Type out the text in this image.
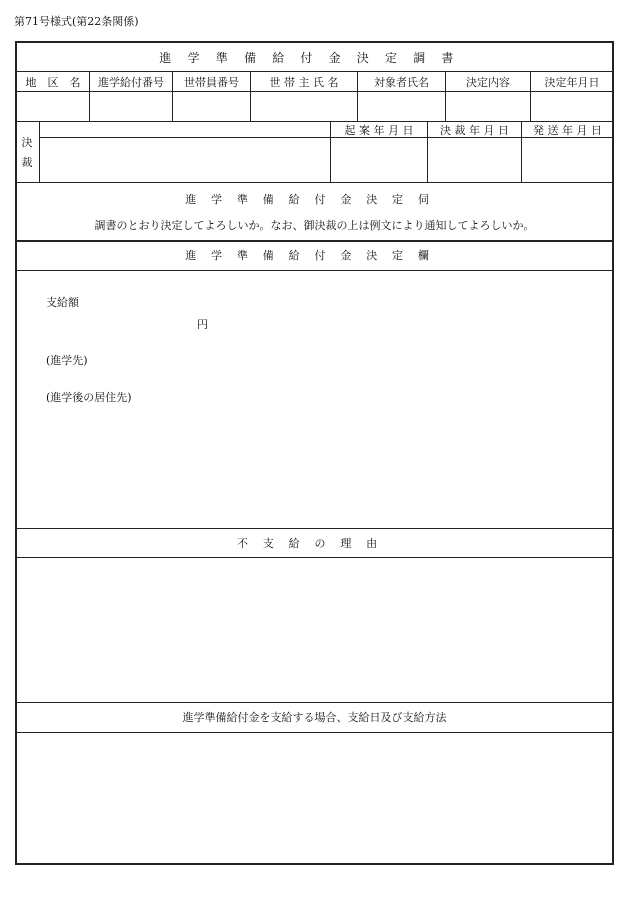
第71号様式(第22条関係)
進学準備給付金決定調書
地　区　名	進学給付番号	世帯員番号	世 帯 主 氏 名	対象者氏名	決定内容	決定年月日
決
裁
起 案 年 月 日	決 裁 年 月 日	発 送 年 月 日
進学準備給付金決定伺
調書のとおり決定してよろしいか。なお、御決裁の上は例文により通知してよろしいか。
進学準備給付金決定欄
支給額
円
(進学先)
(進学後の居住先)
不支給の理由
進学準備給付金を支給する場合、支給日及び支給方法
